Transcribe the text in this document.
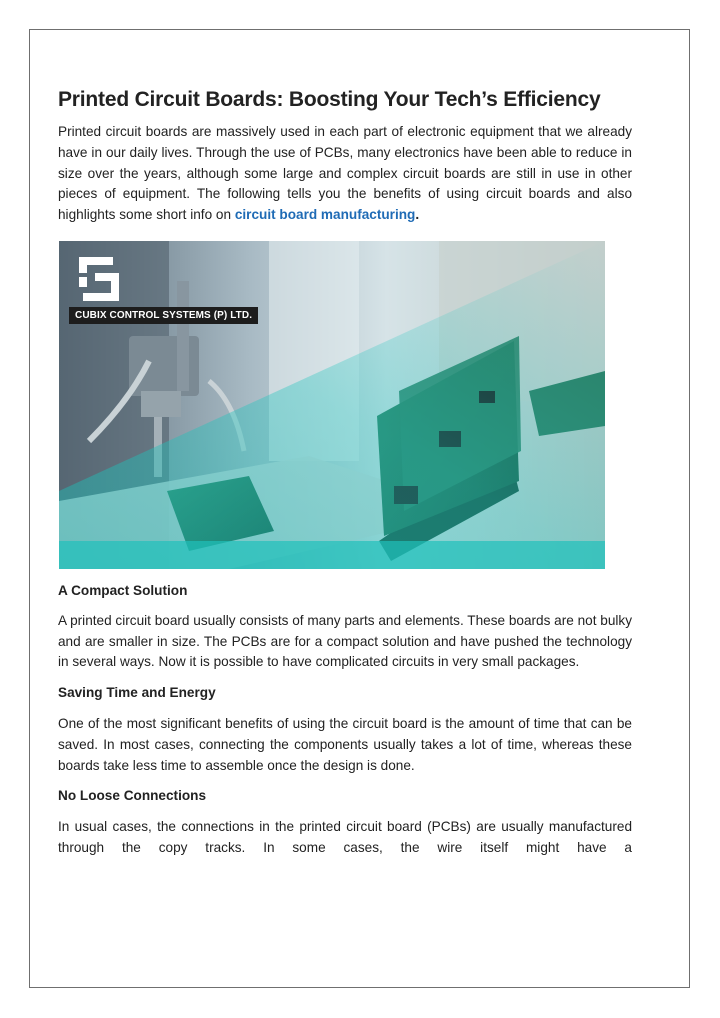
Printed Circuit Boards: Boosting Your Tech’s Efficiency

Printed circuit boards are massively used in each part of electronic equipment that we already have in our daily lives. Through the use of PCBs, many electronics have been able to reduce in size over the years, although some large and complex circuit boards are still in use in other pieces of equipment. The following tells you the benefits of using circuit boards and also highlights some short info on circuit board manufacturing.

CUBIX CONTROL SYSTEMS (P) LTD.

A Compact Solution

A printed circuit board usually consists of many parts and elements. These boards are not bulky and are smaller in size. The PCBs are for a compact solution and have pushed the technology in several ways. Now it is possible to have complicated circuits in very small packages.

Saving Time and Energy

One of the most significant benefits of using the circuit board is the amount of time that can be saved. In most cases, connecting the components usually takes a lot of time, whereas these boards take less time to assemble once the design is done.

No Loose Connections

In usual cases, the connections in the printed circuit board (PCBs) are usually manufactured through the copy tracks. In some cases, the wire itself might have a
